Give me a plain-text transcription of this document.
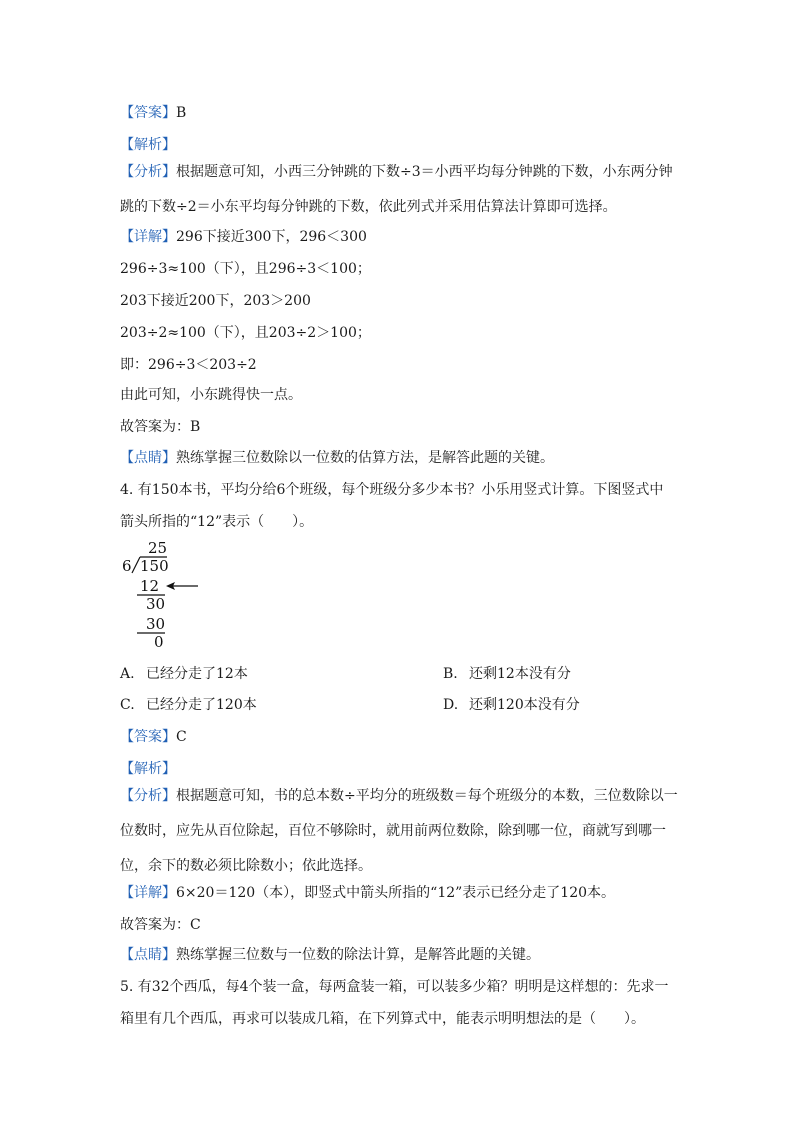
【答案】B
【解析】
【分析】根据题意可知，小西三分钟跳的下数÷3＝小西平均每分钟跳的下数，小东两分钟跳的下数÷2＝小东平均每分钟跳的下数，依此列式并采用估算法计算即可选择。
【详解】296下接近300下，296＜300
296÷3≈100（下），且296÷3＜100；
203下接近200下，203＞200
203÷2≈100（下），且203÷2＞100；
即：296÷3＜203÷2
由此可知，小东跳得快一点。
故答案为：B
【点睛】熟练掌握三位数除以一位数的估算方法，是解答此题的关键。
4. 有150本书，平均分给6个班级，每个班级分多少本书？小乐用竖式计算。下图竖式中
箭头所指的“12”表示（　　）。
25
6 150
12
30
30
0
A. 已经分走了12本	B. 还剩12本没有分
C. 已经分走了120本	D. 还剩120本没有分
【答案】C
【解析】
【分析】根据题意可知，书的总本数÷平均分的班级数＝每个班级分的本数，三位数除以一位数时，应先从百位除起，百位不够除时，就用前两位数除，除到哪一位，商就写到哪一位，余下的数必须比除数小；依此选择。
【详解】6×20＝120（本），即竖式中箭头所指的“12”表示已经分走了120本。
故答案为：C
【点睛】熟练掌握三位数与一位数的除法计算，是解答此题的关键。
5. 有32个西瓜，每4个装一盒，每两盒装一箱，可以装多少箱？明明是这样想的：先求一
箱里有几个西瓜，再求可以装成几箱，在下列算式中，能表示明明想法的是（　　）。
